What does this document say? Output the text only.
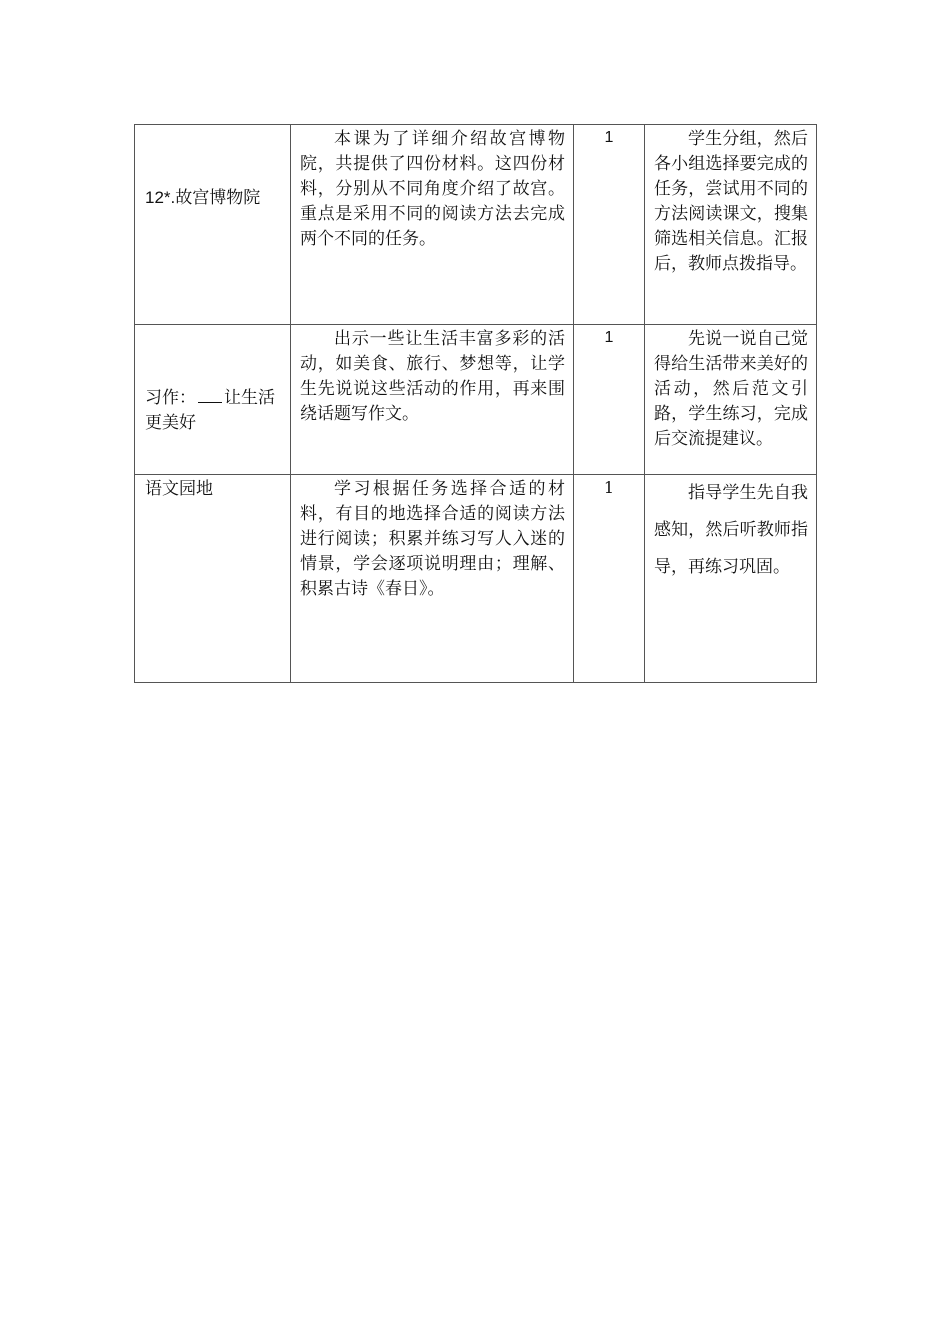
12*.故宫博物院	本课为了详细介绍故宫博物院，共提供了四份材料。这四份材料，分别从不同角度介绍了故宫。重点是采用不同的阅读方法去完成两个不同的任务。	1	学生分组，然后各小组选择要完成的任务，尝试用不同的方法阅读课文，搜集筛选相关信息。汇报后，教师点拨指导。

习作： 让生活更美好	出示一些让生活丰富多彩的活动，如美食、旅行、梦想等，让学生先说说这些活动的作用，再来围绕话题写作文。	1	先说一说自己觉得给生活带来美好的活动，然后范文引路，学生练习，完成后交流提建议。

语文园地	学习根据任务选择合适的材料，有目的地选择合适的阅读方法进行阅读；积累并练习写人入迷的情景，学会逐项说明理由；理解、积累古诗《春日》。	1	指导学生先自我感知，然后听教师指导，再练习巩固。
